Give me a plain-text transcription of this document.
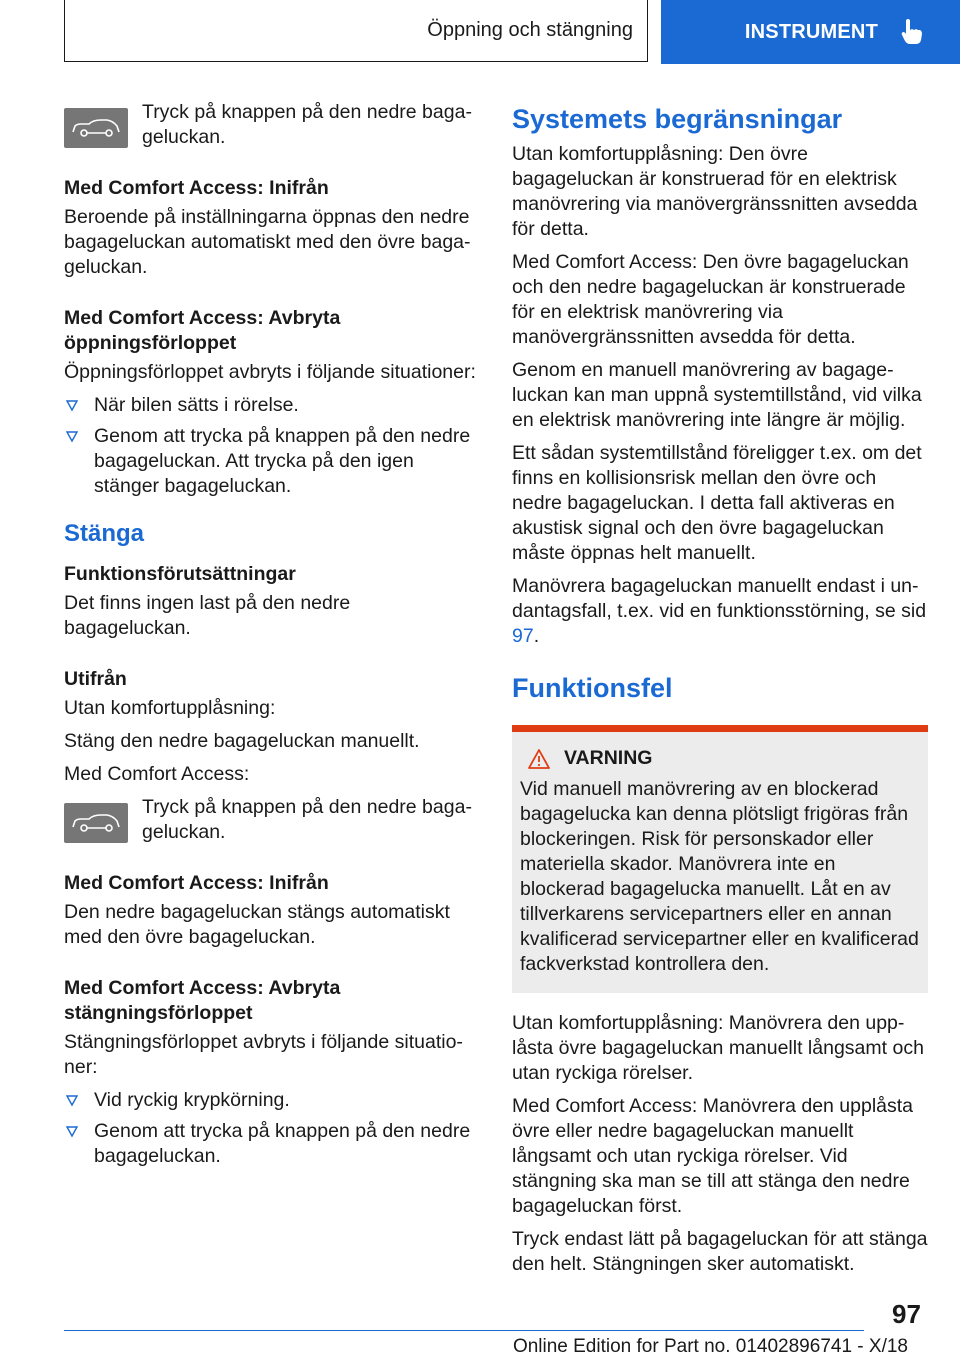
Öppning och stängning	INSTRUMENT
Tryck på knappen på den nedre bagageluckan.

Med Comfort Access: Inifrån

Beroende på inställningarna öppnas den nedre bagageluckan automatiskt med den övre bagageluckan.

Med Comfort Access: Avbryta öppningsförloppet

Öppningsförloppet avbryts i följande situationer:

När bilen sätts i rörelse.
Genom att trycka på knappen på den nedre bagageluckan. Att trycka på den igen stänger bagageluckan.
Stänga

Funktionsförutsättningar

Det finns ingen last på den nedre bagageluckan.

Utifrån

Utan komfortupplåsning:

Stäng den nedre bagageluckan manuellt.

Med Comfort Access:

Tryck på knappen på den nedre bagageluckan.

Med Comfort Access: Inifrån

Den nedre bagageluckan stängs automatiskt med den övre bagageluckan.

Med Comfort Access: Avbryta stängningsförloppet

Stängningsförloppet avbryts i följande situationer:

Vid ryckig krypkörning.
Genom att trycka på knappen på den nedre bagageluckan.
Systemets begränsningar

Utan komfortupplåsning: Den övre bagageluckan är konstruerad för en elektrisk manövrering via manövergränssnitten avsedda för detta.

Med Comfort Access: Den övre bagageluckan och den nedre bagageluckan är konstruerade för en elektrisk manövrering via manövergränssnitten avsedda för detta.

Genom en manuell manövrering av bagageluckan kan man uppnå systemtillstånd, vid vilka en elektrisk manövrering inte längre är möjlig.

Ett sådan systemtillstånd föreligger t.ex. om det finns en kollisionsrisk mellan den övre och nedre bagageluckan. I detta fall aktiveras en akustisk signal och den övre bagageluckan måste öppnas helt manuellt.

Manövrera bagageluckan manuellt endast i undantagsfall, t.ex. vid en funktionsstörning, se sid 97.

Funktionsfel
VARNING

Vid manuell manövrering av en blockerad bagagelucka kan denna plötsligt frigöras från blockeringen. Risk för personskador eller materiella skador. Manövrera inte en blockerad bagagelucka manuellt. Låt en av tillverkarens servicepartners eller en annan kvalificerad servicepartner eller en kvalificerad fackverkstad kontrollera den.

Utan komfortupplåsning: Manövrera den upplåsta övre bagageluckan manuellt långsamt och utan ryckiga rörelser.

Med Comfort Access: Manövrera den upplåsta övre eller nedre bagageluckan manuellt långsamt och utan ryckiga rörelser. Vid stängning ska man se till att stänga den nedre bagageluckan först.

Tryck endast lätt på bagageluckan för att stänga den helt. Stängningen sker automatiskt.

97
Online Edition for Part no. 01402896741 - X/18
